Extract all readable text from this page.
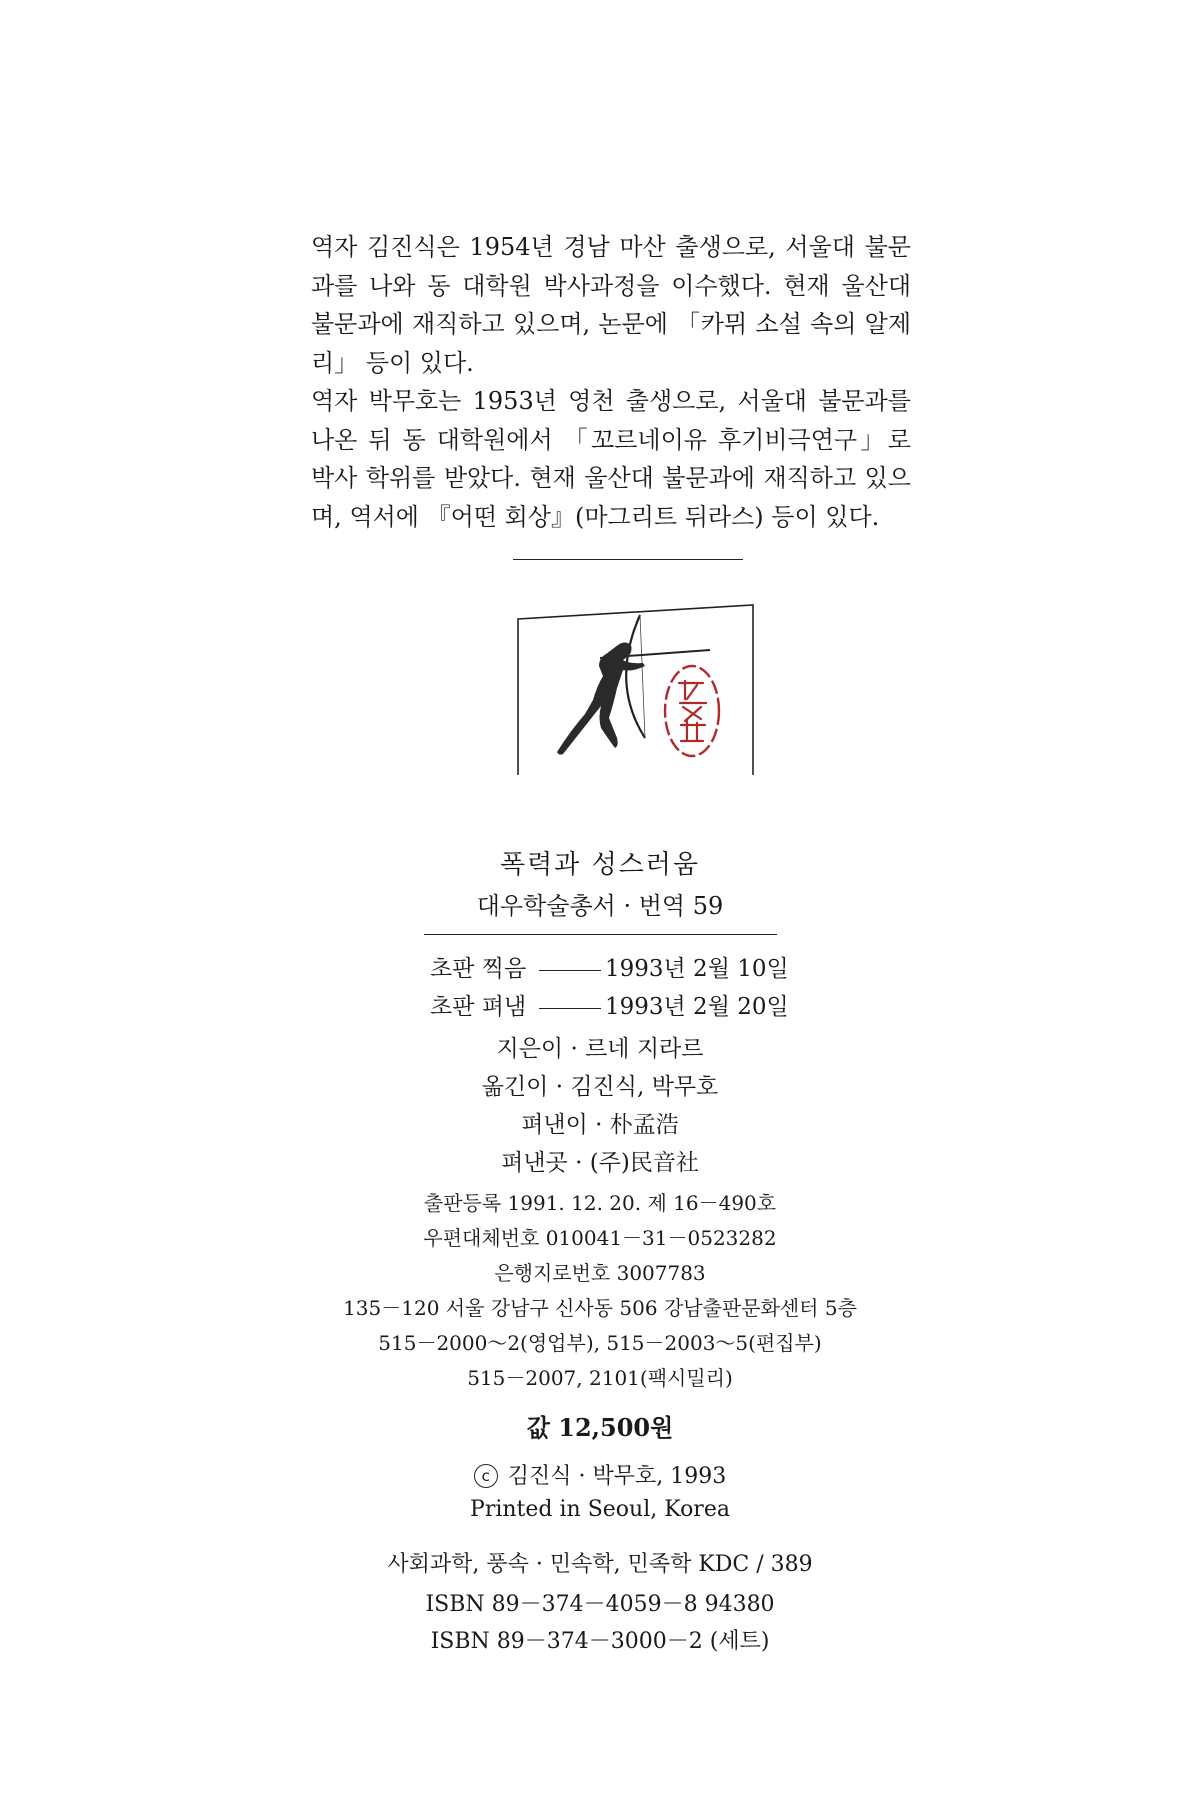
역자 김진식은 1954년 경남 마산 출생으로, 서울대 불문과를 나와 동 대학원 박사과정을 이수했다. 현재 울산대 불문과에 재직하고 있으며, 논문에 「카뮈 소설 속의 알제리」 등이 있다.

역자 박무호는 1953년 영천 출생으로, 서울대 불문과를 나온 뒤 동 대학원에서 「꼬르네이유 후기비극연구」로 박사 학위를 받았다. 현재 울산대 불문과에 재직하고 있으며, 역서에 『어떤 회상』(마그리트 뒤라스) 등이 있다.

폭력과 성스러움
대우학술총서 · 번역 59
초판 찍음	1993년 2월 10일
초판 펴냄	1993년 2월 20일
지은이 · 르네 지라르
옮긴이 · 김진식, 박무호
펴낸이 · 朴孟浩
펴낸곳 · (주)民音社
출판등록 1991. 12. 20. 제 16－490호
우편대체번호 010041－31－0523282
은행지로번호 3007783
135－120 서울 강남구 신사동 506 강남출판문화센터 5층
515－2000～2(영업부), 515－2003～5(편집부)
515－2007, 2101(팩시밀리)
값 12,500원
c 김진식 · 박무호, 1993
Printed in Seoul, Korea
사회과학, 풍속 · 민속학, 민족학 KDC / 389
ISBN 89－374－4059－8 94380
ISBN 89－374－3000－2 (세트)
